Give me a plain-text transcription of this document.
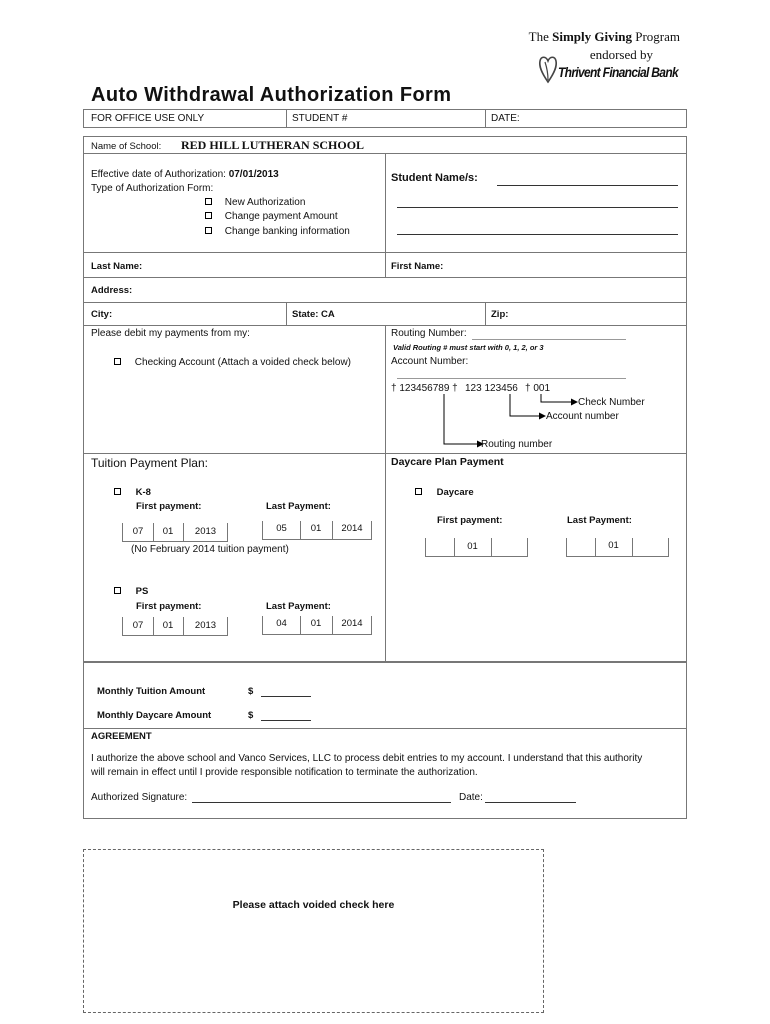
The Simply Giving Program
endorsed by
Thrivent Financial Bank
Auto Withdrawal Authorization Form
FOR OFFICE USE ONLY	STUDENT #	DATE:
Name of School: RED HILL LUTHERAN SCHOOL
Effective date of Authorization: 07/01/2013
Type of Authorization Form:
New Authorization
Change payment Amount
Change banking information
Student Name/s:
Last Name:	First Name:
Address:
City:	State: CA	Zip:
Please debit my payments from my:
Checking Account (Attach a voided check below)
Routing Number:
Valid Routing # must start with 0, 1, 2, or 3
Account Number:
† 123456789 † 123 123456 † 001
Check Number
Account number
Routing number
Tuition Payment Plan:
K-8
First payment:	Last Payment:
07	01	2013	05	01	2014
(No February 2014 tuition payment)
PS
First payment:	Last Payment:
07	01	2013	04	01	2014
Daycare Plan Payment
Daycare
First payment:	Last Payment:
01	01
Monthly Tuition Amount	$
Monthly Daycare Amount	$
AGREEMENT
I authorize the above school and Vanco Services, LLC to process debit entries to my account. I understand that this authority
will remain in effect until I provide responsible notification to terminate the authorization.
Authorized Signature:	Date:
Please attach voided check here
